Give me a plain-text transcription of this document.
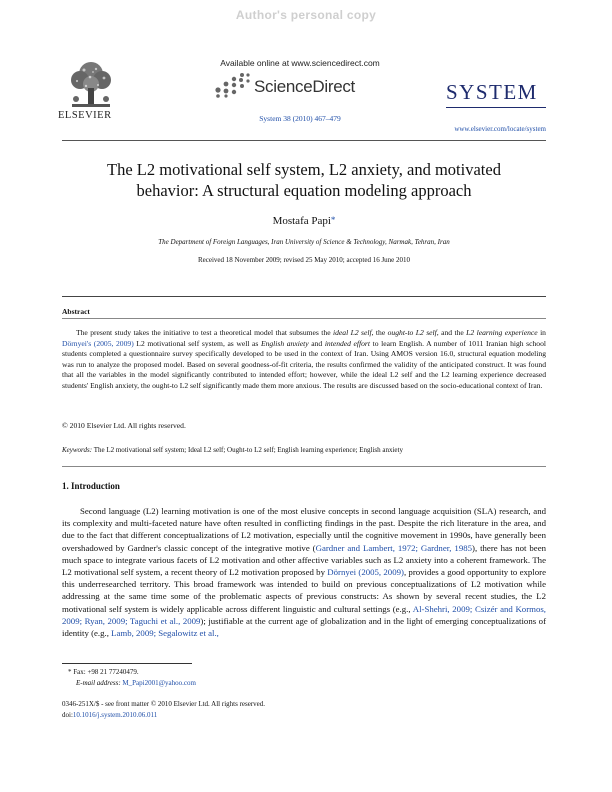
Author's personal copy
ELSEVIER
Available online at www.sciencedirect.com
ScienceDirect
System 38 (2010) 467–479
SYSTEM
www.elsevier.com/locate/system
The L2 motivational self system, L2 anxiety, and motivated
behavior: A structural equation modeling approach
Mostafa Papi*
The Department of Foreign Languages, Iran University of Science & Technology, Narmak, Tehran, Iran
Received 18 November 2009; revised 25 May 2010; accepted 16 June 2010
Abstract
The present study takes the initiative to test a theoretical model that subsumes the ideal L2 self, the ought-to L2 self, and the L2 learning experience in Dörnyei's (2005, 2009) L2 motivational self system, as well as English anxiety and intended effort to learn English. A number of 1011 Iranian high school students completed a questionnaire survey specifically developed to be used in the context of Iran. Using AMOS version 16.0, structural equation modeling was run to analyze the proposed model. Based on several goodness-of-fit criteria, the results confirmed the validity of the anticipated construct. It was found that all the variables in the model significantly contributed to intended effort; however, while the ideal L2 self and the L2 learning experience decreased students' English anxiety, the ought-to L2 self significantly made them more anxious. The results are discussed based on the socio-educational context of Iran.
© 2010 Elsevier Ltd. All rights reserved.
Keywords: The L2 motivational self system; Ideal L2 self; Ought-to L2 self; English learning experience; English anxiety
1. Introduction
Second language (L2) learning motivation is one of the most elusive concepts in second language acquisition (SLA) research, and its complexity and multi-faceted nature have often resulted in conflicting findings in the past. Despite the rich literature in the area, and due to the fact that different conceptualizations of L2 motivation, especially until the cognitive movement in 1990s, have generally been overshadowed by Gardner's classic concept of the integrative motive (Gardner and Lambert, 1972; Gardner, 1985), there has not been much space to integrate various facets of L2 motivation and other affective variables such as L2 anxiety into a coherent framework. The L2 motivational self system, a recent theory of L2 motivation proposed by Dörnyei (2005, 2009), provides a good opportunity to explore this underresearched territory. This broad framework was intended to build on previous conceptualizations of L2 motivation while addressing at the same time some of the problematic aspects of previous constructs: As shown by several recent studies, the L2 motivational self system is widely applicable across different linguistic and cultural settings (e.g., Al-Shehri, 2009; Csizér and Kormos, 2009; Ryan, 2009; Taguchi et al., 2009); justifiable at the current age of globalization and in the light of emerging conceptualizations of identity (e.g., Lamb, 2009; Segalowitz et al.,
* Fax: +98 21 77240479.
E-mail address: M_Papi2001@yahoo.com
0346-251X/$ - see front matter © 2010 Elsevier Ltd. All rights reserved.
doi:10.1016/j.system.2010.06.011
